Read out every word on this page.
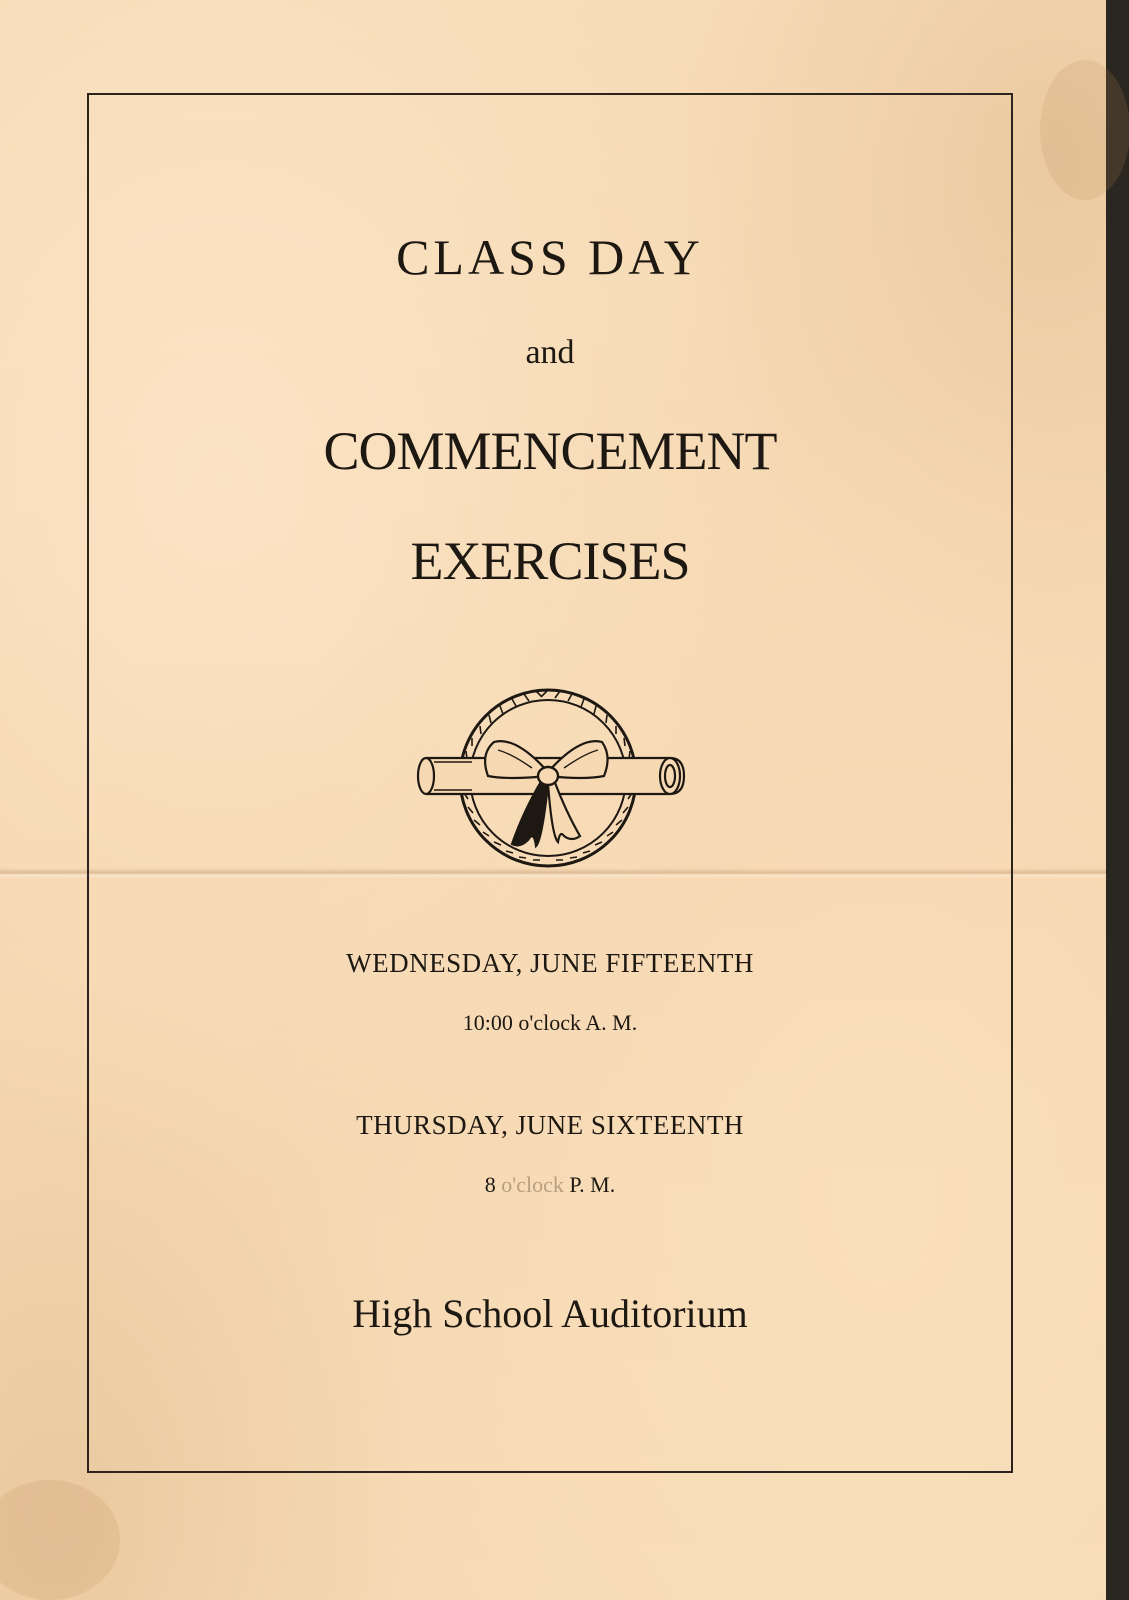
CLASS DAY
and
COMMENCEMENT
EXERCISES
WEDNESDAY, JUNE FIFTEENTH
10:00 o'clock A. M.
THURSDAY, JUNE SIXTEENTH
8 o'clock P. M.
High School Auditorium
